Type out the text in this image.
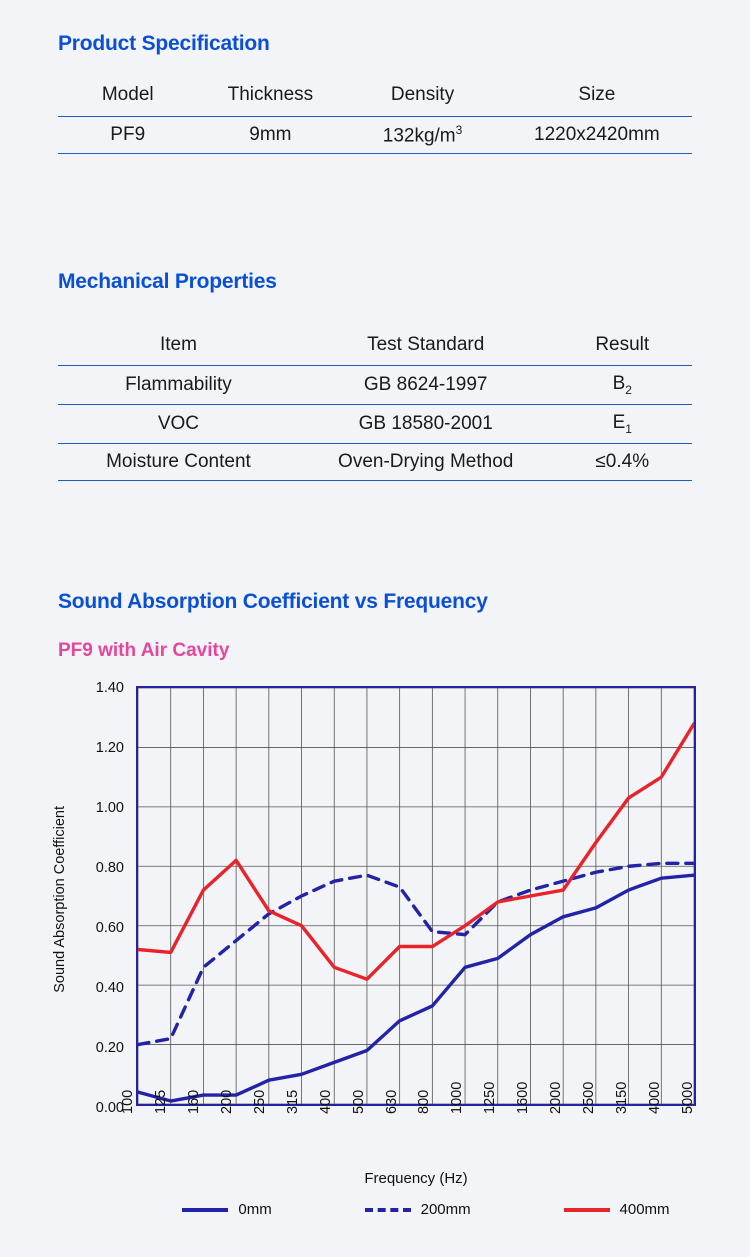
Product Specification
Model	Thickness	Density	Size
PF9	9mm	$132kg/m^3$	1220x2420mm
Mechanical Properties
Item	Test Standard	Result
Flammability	GB 8624-1997	$B_2$
VOC	GB 18580-2001	$E_1$
Moisture Content	Oven-Drying Method	≤0.4%
Sound Absorption Coefficient vs Frequency
PF9 with Air Cavity
Sound Absorption Coefficient
0.00
0.20
0.40
0.60
0.80
1.00
1.20
1.40
100 125 160 200 250 315 400 500 630 800 1000 1250 1600 2000 2500 3150 4000 5000
Frequency (Hz)
0mm	200mm	400mm
